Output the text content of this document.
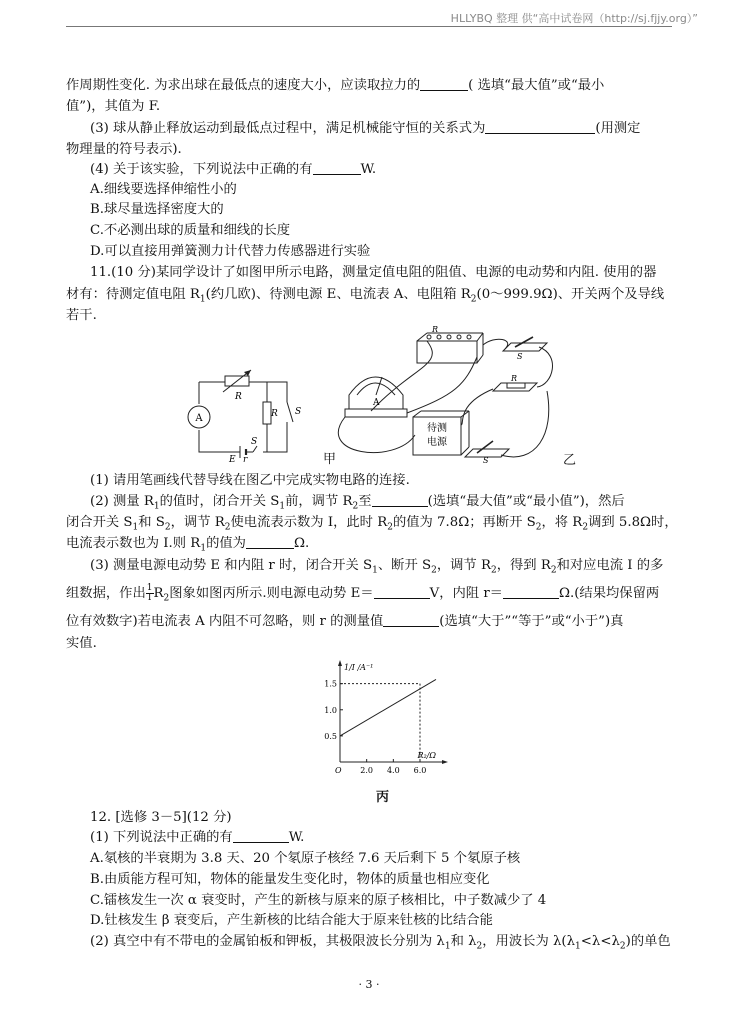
HLLYBQ 整理 供“高中试卷网（http://sj.fjjy.org）”
作周期性变化. 为求出球在最低点的速度大小，应读取拉力的	( 选填“最大值”或“最小
值”)，其值为 F.
(3) 球从静止释放运动到最低点过程中，满足机械能守恒的关系式为	(用测定
物理量的符号表示).
(4) 关于该实验，下列说法中正确的有	W.
A.细线要选择伸缩性小的
B.球尽量选择密度大的
C.不必测出球的质量和细线的长度
D.可以直接用弹簧测力计代替力传感器进行实验
11.(10 分)某同学设计了如图甲所示电路，测量定值电阻的阻值、电源的电动势和内阻. 使用的器
材有：待测定值电阻 $R_1$(约几欧)、待测电源 E、电流表 A、电阻箱 $R_2(0\sim 999.9\Omega)$、开关两个及导线
若干.
A
R
R S
S
E r	甲
R
S
R
S
A
待测
电源
乙
(1) 请用笔画线代替导线在图乙中完成实物电路的连接.
(2) 测量 $R_1$的值时，闭合开关 $S_1$前，调节 $R_2$至	(选填“最大值”或“最小值”)，然后
闭合开关 $S_1$和 $S_2$，调节 $R_2$使电流表示数为 I，此时 $R_2$的值为 7.8Ω；再断开 $S_2$，将 $R_2$调到 5.8Ω时，
电流表示数也为 I.则 $R_1$的值为	Ω.
(3) 测量电源电动势 E 和内阻 r 时，闭合开关 $S_1$、断开 $S_2$，调节 $R_2$，得到 $R_2$和对应电流 I 的多
组数据，作出 $\frac{1}{I} R_2$图象如图丙所示.则电源电动势 E＝	V，内阻 r＝	Ω.(结果均保留两
位有效数字)若电流表 A 内阻不可忽略，则 r 的测量值	(选填“大于”“等于”或“小于”)真
实值.
2.0 4.0 6.0
0.5
1.0
1.5
1/I /A⁻¹
R₂/Ω
O
丙
12. [选修 3－5](12 分)
(1) 下列说法中正确的有	W.
A.氡核的半衰期为 3.8 天、20 个氡原子核经 7.6 天后剩下 5 个氡原子核
B.由质能方程可知，物体的能量发生变化时，物体的质量也相应变化
C.镭核发生一次 α 衰变时，产生的新核与原来的原子核相比，中子数减少了 4
D.钍核发生 β 衰变后，产生新核的比结合能大于原来钍核的比结合能
(2) 真空中有不带电的金属铂板和钾板，其极限波长分别为 $\lambda_1$和 $\lambda_2$，用波长为 $\lambda(\lambda_1<\lambda<\lambda_2)$的单色
· 3 ·
